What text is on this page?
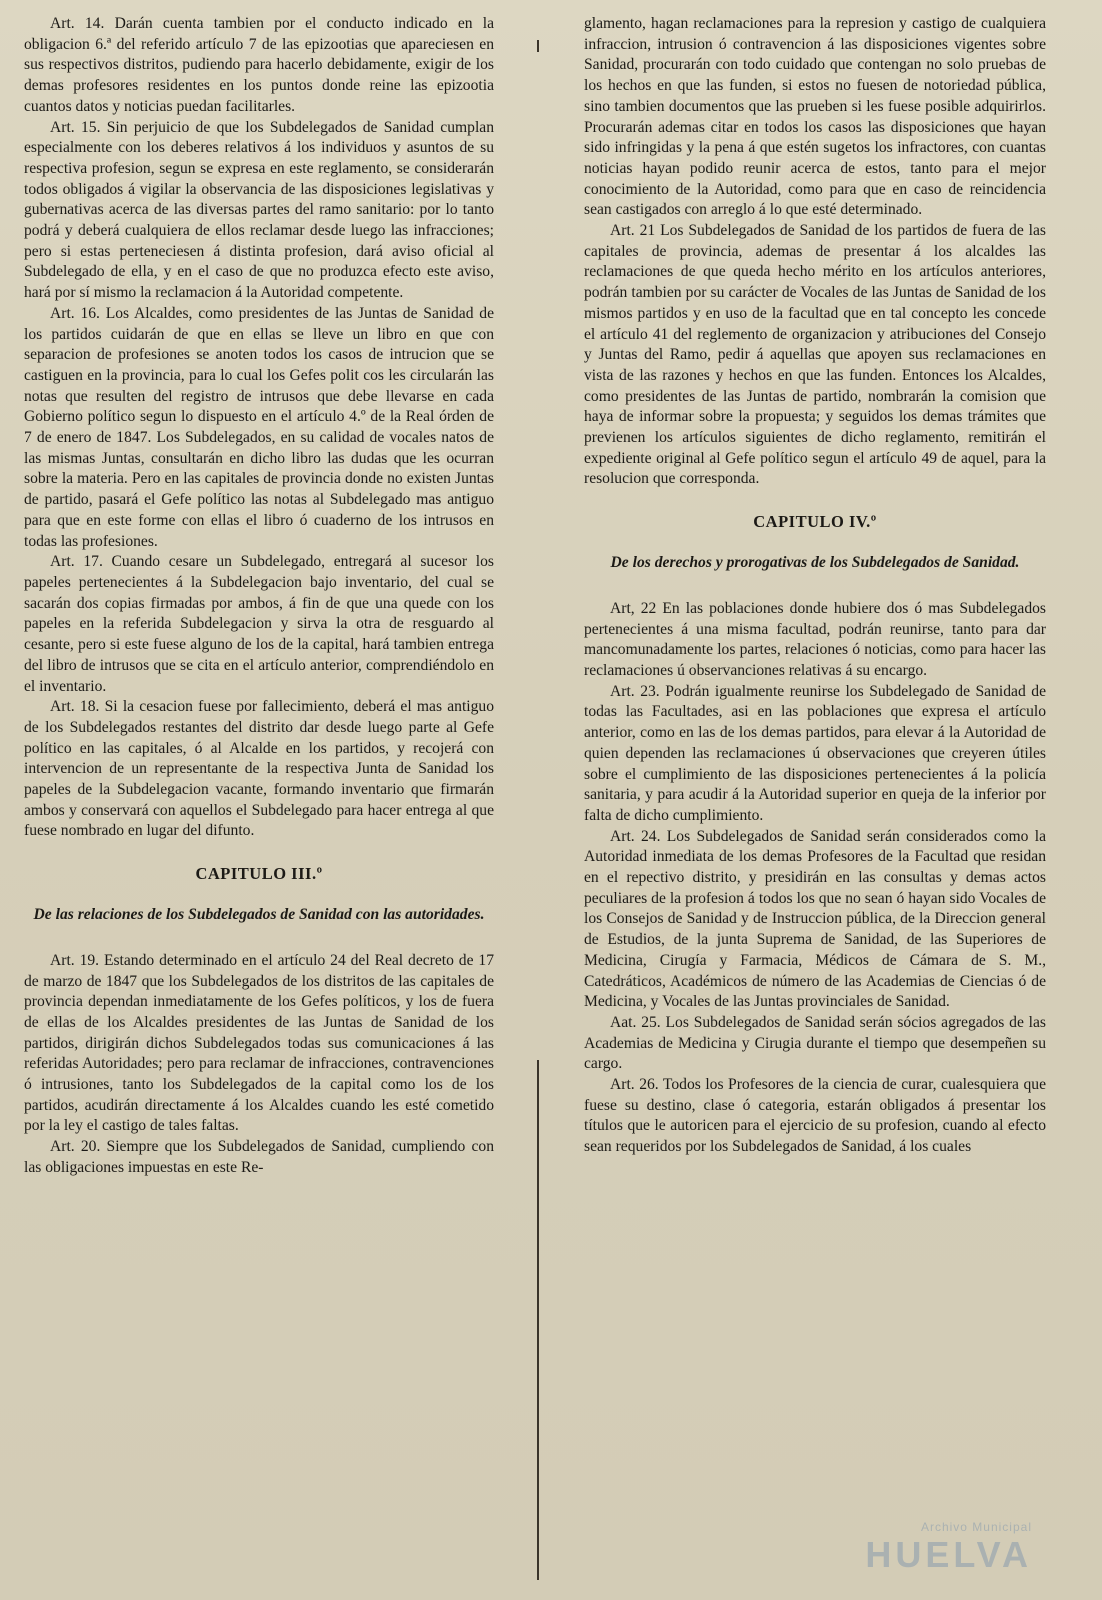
Art. 14. Darán cuenta tambien por el conducto indicado en la obligacion 6.ª del referido artículo 7 de las epizootias que apareciesen en sus respectivos distritos, pudiendo para hacerlo debidamente, exigir de los demas profesores residentes en los puntos donde reine las epizootia cuantos datos y noticias puedan facilitarles.

Art. 15. Sin perjuicio de que los Subdelegados de Sanidad cumplan especialmente con los deberes relativos á los individuos y asuntos de su respectiva profesion, segun se expresa en este reglamento, se considerarán todos obligados á vigilar la observancia de las disposiciones legislativas y gubernativas acerca de las diversas partes del ramo sanitario: por lo tanto podrá y deberá cualquiera de ellos reclamar desde luego las infracciones; pero si estas perteneciesen á distinta profesion, dará aviso oficial al Subdelegado de ella, y en el caso de que no produzca efecto este aviso, hará por sí mismo la reclamacion á la Autoridad competente.

Art. 16. Los Alcaldes, como presidentes de las Juntas de Sanidad de los partidos cuidarán de que en ellas se lleve un libro en que con separacion de profesiones se anoten todos los casos de intrucion que se castiguen en la provincia, para lo cual los Gefes polit cos les circularán las notas que resulten del registro de intrusos que debe llevarse en cada Gobierno político segun lo dispuesto en el artículo 4.º de la Real órden de 7 de enero de 1847. Los Subdelegados, en su calidad de vocales natos de las mismas Juntas, consultarán en dicho libro las dudas que les ocurran sobre la materia. Pero en las capitales de provincia donde no existen Juntas de partido, pasará el Gefe político las notas al Subdelegado mas antiguo para que en este forme con ellas el libro ó cuaderno de los intrusos en todas las profesiones.

Art. 17. Cuando cesare un Subdelegado, entregará al sucesor los papeles pertenecientes á la Subdelegacion bajo inventario, del cual se sacarán dos copias firmadas por ambos, á fin de que una quede con los papeles en la referida Subdelegacion y sirva la otra de resguardo al cesante, pero si este fuese alguno de los de la capital, hará tambien entrega del libro de intrusos que se cita en el artículo anterior, comprendiéndolo en el inventario.

Art. 18. Si la cesacion fuese por fallecimiento, deberá el mas antiguo de los Subdelegados restantes del distrito dar desde luego parte al Gefe político en las capitales, ó al Alcalde en los partidos, y recojerá con intervencion de un representante de la respectiva Junta de Sanidad los papeles de la Subdelegacion vacante, formando inventario que firmarán ambos y conservará con aquellos el Subdelegado para hacer entrega al que fuese nombrado en lugar del difunto.

CAPITULO III.º
De las relaciones de los Subdelegados de Sanidad con las autoridades.

Art. 19. Estando determinado en el artículo 24 del Real decreto de 17 de marzo de 1847 que los Subdelegados de los distritos de las capitales de provincia dependan inmediatamente de los Gefes políticos, y los de fuera de ellas de los Alcaldes presidentes de las Juntas de Sanidad de los partidos, dirigirán dichos Subdelegados todas sus comunicaciones á las referidas Autoridades; pero para reclamar de infracciones, contravenciones ó intrusiones, tanto los Subdelegados de la capital como los de los partidos, acudirán directamente á los Alcaldes cuando les esté cometido por la ley el castigo de tales faltas.

Art. 20. Siempre que los Subdelegados de Sanidad, cumpliendo con las obligaciones impuestas en este Re-

glamento, hagan reclamaciones para la represion y castigo de cualquiera infraccion, intrusion ó contravencion á las disposiciones vigentes sobre Sanidad, procurarán con todo cuidado que contengan no solo pruebas de los hechos en que las funden, si estos no fuesen de notoriedad pública, sino tambien documentos que las prueben si les fuese posible adquirirlos. Procurarán ademas citar en todos los casos las disposiciones que hayan sido infringidas y la pena á que estén sugetos los infractores, con cuantas noticias hayan podido reunir acerca de estos, tanto para el mejor conocimiento de la Autoridad, como para que en caso de reincidencia sean castigados con arreglo á lo que esté determinado.

Art. 21 Los Subdelegados de Sanidad de los partidos de fuera de las capitales de provincia, ademas de presentar á los alcaldes las reclamaciones de que queda hecho mérito en los artículos anteriores, podrán tambien por su carácter de Vocales de las Juntas de Sanidad de los mismos partidos y en uso de la facultad que en tal concepto les concede el artículo 41 del reglemento de organizacion y atribuciones del Consejo y Juntas del Ramo, pedir á aquellas que apoyen sus reclamaciones en vista de las razones y hechos en que las funden. Entonces los Alcaldes, como presidentes de las Juntas de partido, nombrarán la comision que haya de informar sobre la propuesta; y seguidos los demas trámites que previenen los artículos siguientes de dicho reglamento, remitirán el expediente original al Gefe político segun el artículo 49 de aquel, para la resolucion que corresponda.

CAPITULO IV.º
De los derechos y prorogativas de los Subdelegados de Sanidad.

Art, 22 En las poblaciones donde hubiere dos ó mas Subdelegados pertenecientes á una misma facultad, podrán reunirse, tanto para dar mancomunadamente los partes, relaciones ó noticias, como para hacer las reclamaciones ú observanciones relativas á su encargo.

Art. 23. Podrán igualmente reunirse los Subdelegado de Sanidad de todas las Facultades, asi en las poblaciones que expresa el artículo anterior, como en las de los demas partidos, para elevar á la Autoridad de quien dependen las reclamaciones ú observaciones que creyeren útiles sobre el cumplimiento de las disposiciones pertenecientes á la policía sanitaria, y para acudir á la Autoridad superior en queja de la inferior por falta de dicho cumplimiento.

Art. 24. Los Subdelegados de Sanidad serán considerados como la Autoridad inmediata de los demas Profesores de la Facultad que residan en el repectivo distrito, y presidirán en las consultas y demas actos peculiares de la profesion á todos los que no sean ó hayan sido Vocales de los Consejos de Sanidad y de Instruccion pública, de la Direccion general de Estudios, de la junta Suprema de Sanidad, de las Superiores de Medicina, Cirugía y Farmacia, Médicos de Cámara de S. M., Catedráticos, Académicos de número de las Academias de Ciencias ó de Medicina, y Vocales de las Juntas provinciales de Sanidad.

Aat. 25. Los Subdelegados de Sanidad serán sócios agregados de las Academias de Medicina y Cirugia durante el tiempo que desempeñen su cargo.

Art. 26. Todos los Profesores de la ciencia de curar, cualesquiera que fuese su destino, clase ó categoria, estarán obligados á presentar los títulos que le autoricen para el ejercicio de su profesion, cuando al efecto sean requeridos por los Subdelegados de Sanidad, á los cuales

Archivo Municipal
HUELVA
